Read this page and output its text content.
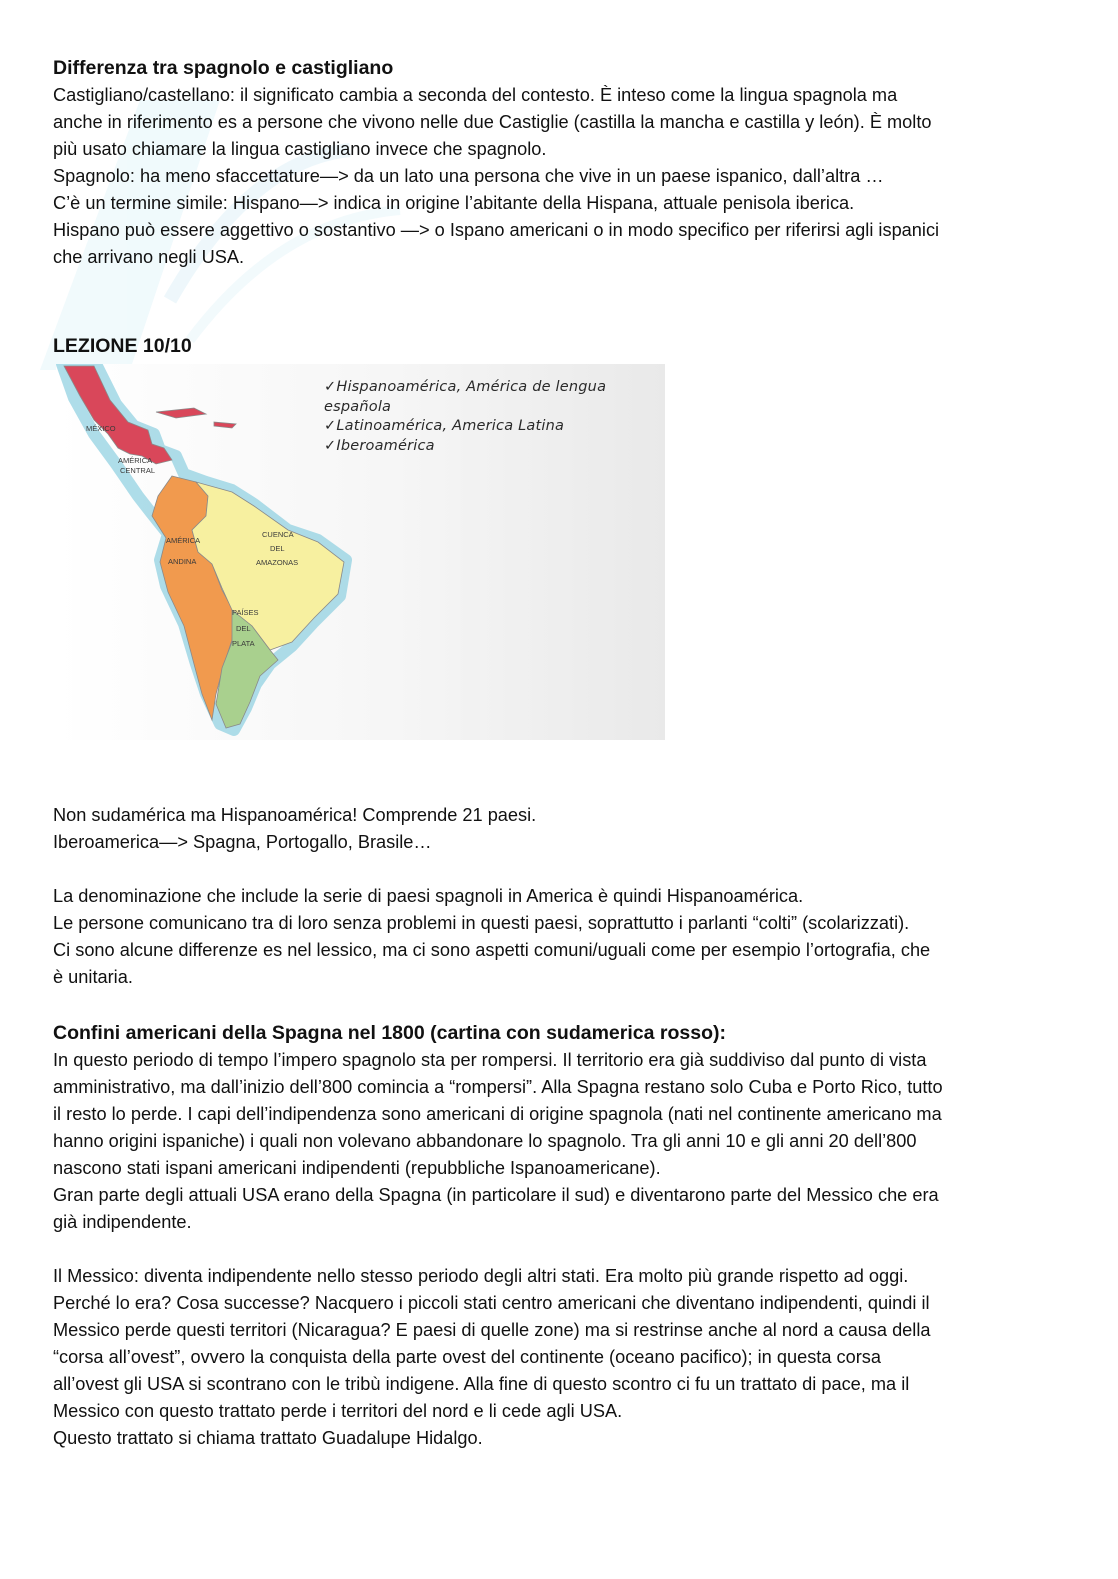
Differenza tra spagnolo e castigliano

Castigliano/castellano: il significato cambia a seconda del contesto. È inteso come la lingua spagnola ma
anche in riferimento es a persone che vivono nelle due Castiglie (castilla la mancha e castilla y león). È molto
più usato chiamare la lingua castigliano invece che spagnolo.
Spagnolo: ha meno sfaccettature—> da un lato una persona che vive in un paese ispanico, dall’altra …
C’è un termine simile: Hispano—> indica in origine l’abitante della Hispana, attuale penisola iberica.
Hispano può essere aggettivo o sostantivo —> o Ispano americani o in modo specifico per riferirsi agli ispanici
che arrivano negli USA.

LEZIONE 10/10

MÉXICO
AMÉRICA
CENTRAL
AMÉRICA
ANDINA
CUENCA
DEL
AMAZONAS
PAÍSES
DEL
PLATA
✓Hispanoamérica, América de lengua
española
✓Latinoamérica, America Latina
✓Iberoamérica

Non sudamérica ma Hispanoamérica! Comprende 21 paesi.
Iberoamerica—> Spagna, Portogallo, Brasile…

La denominazione che include la serie di paesi spagnoli in America è quindi Hispanoamérica.
Le persone comunicano tra di loro senza problemi in questi paesi, soprattutto i parlanti “colti” (scolarizzati).
Ci sono alcune differenze es nel lessico, ma ci sono aspetti comuni/uguali come per esempio l’ortografia, che
è unitaria.

Confini americani della Spagna nel 1800 (cartina con sudamerica rosso):

In questo periodo di tempo l’impero spagnolo sta per rompersi. Il territorio era già suddiviso dal punto di vista
amministrativo, ma dall’inizio dell’800 comincia a “rompersi”. Alla Spagna restano solo Cuba e Porto Rico, tutto
il resto lo perde. I capi dell’indipendenza sono americani di origine spagnola (nati nel continente americano ma
hanno origini ispaniche) i quali non volevano abbandonare lo spagnolo. Tra gli anni 10 e gli anni 20 dell’800
nascono stati ispani americani indipendenti (repubbliche Ispanoamericane).
Gran parte degli attuali USA erano della Spagna (in particolare il sud) e diventarono parte del Messico che era
già indipendente.

Il Messico: diventa indipendente nello stesso periodo degli altri stati. Era molto più grande rispetto ad oggi.
Perché lo era? Cosa successe? Nacquero i piccoli stati centro americani che diventano indipendenti, quindi il
Messico perde questi territori (Nicaragua? E paesi di quelle zone) ma si restrinse anche al nord a causa della
“corsa all’ovest”, ovvero la conquista della parte ovest del continente (oceano pacifico); in questa corsa
all’ovest gli USA si scontrano con le tribù indigene. Alla fine di questo scontro ci fu un trattato di pace, ma il
Messico con questo trattato perde i territori del nord e li cede agli USA.
Questo trattato si chiama trattato Guadalupe Hidalgo.
